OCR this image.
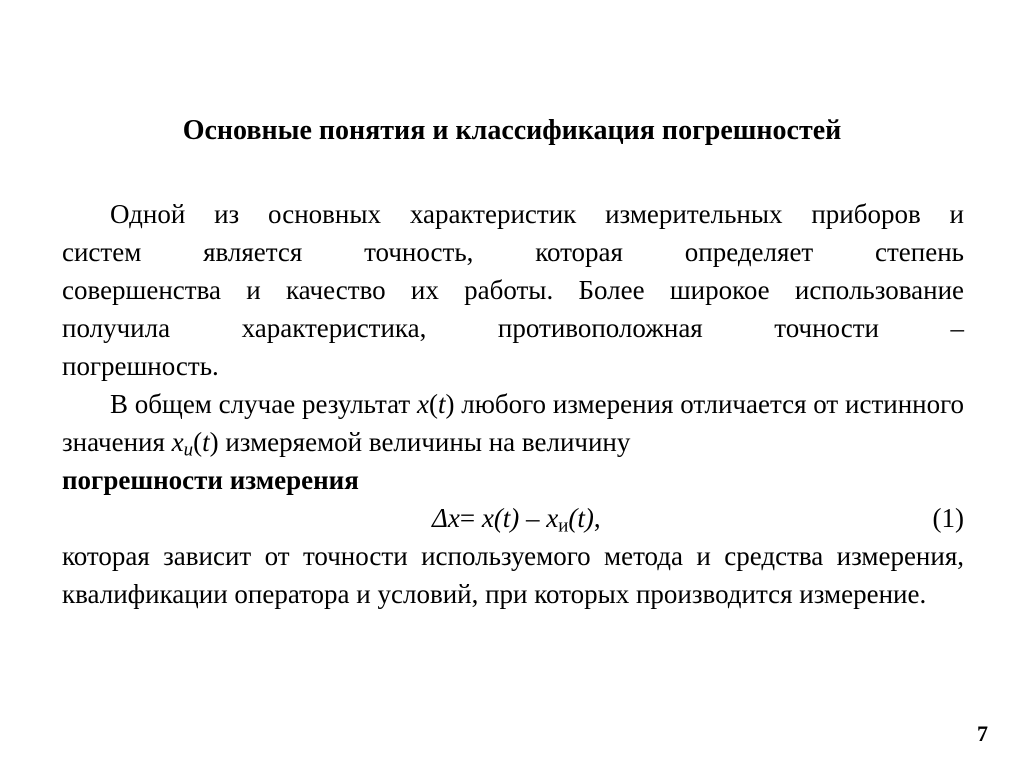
Основные понятия и классификация погрешностей
Одной из основных характеристик измерительных приборов и
систем является точность, которая определяет степень
совершенства и качество их работы. Более широкое использование
получила характеристика, противоположная точности –
погрешность.

В общем случае результат x(t) любого измерения отличается от истинного значения $x_и(t)$ измеряемой величины на величину
погрешности измерения

$\Delta x= x(t) - x_и(t)$,	(1)

которая зависит от точности используемого метода и средства измерения, квалификации оператора и условий, при которых производится измерение.

7
